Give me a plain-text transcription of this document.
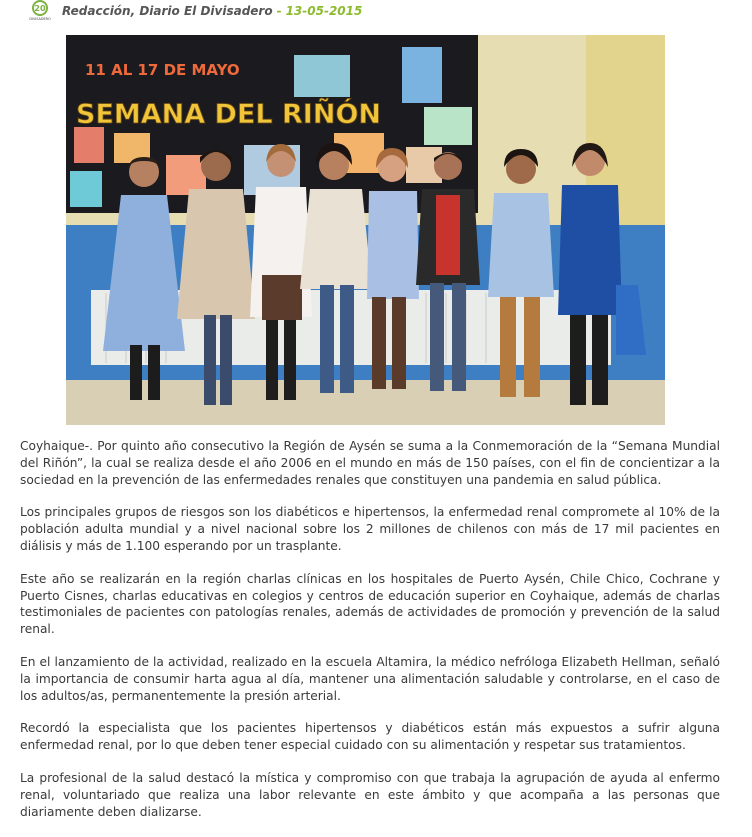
20
DIVISADERO
Redacción, Diario El Divisadero - 13-05-2015
11 AL 17 DE MAYO
SEMANA DEL RIÑÓN

Coyhaique-. Por quinto año consecutivo la Región de Aysén se suma a la Conmemoración de la “Semana Mundial del Riñón”, la cual se realiza desde el año 2006 en el mundo en más de 150 países, con el fin de concientizar a la sociedad en la prevención de las enfermedades renales que constituyen una pandemia en salud pública.

Los principales grupos de riesgos son los diabéticos e hipertensos, la enfermedad renal compromete al 10% de la población adulta mundial y a nivel nacional sobre los 2 millones de chilenos con más de 17 mil pacientes en diálisis y más de 1.100 esperando por un trasplante.

Este año se realizarán en la región charlas clínicas en los hospitales de Puerto Aysén, Chile Chico, Cochrane y Puerto Cisnes, charlas educativas en colegios y centros de educación superior en Coyhaique, además de charlas testimoniales de pacientes con patologías renales, además de actividades de promoción y prevención de la salud renal.

En el lanzamiento de la actividad, realizado en la escuela Altamira, la médico nefróloga Elizabeth Hellman, señaló la importancia de consumir harta agua al día, mantener una alimentación saludable y controlarse, en el caso de los adultos/as, permanentemente la presión arterial.

Recordó la especialista que los pacientes hipertensos y diabéticos están más expuestos a sufrir alguna enfermedad renal, por lo que deben tener especial cuidado con su alimentación y respetar sus tratamientos.

La profesional de la salud destacó la mística y compromiso con que trabaja la agrupación de ayuda al enfermo renal, voluntariado que realiza una labor relevante en este ámbito y que acompaña a las personas que diariamente deben dializarse.
